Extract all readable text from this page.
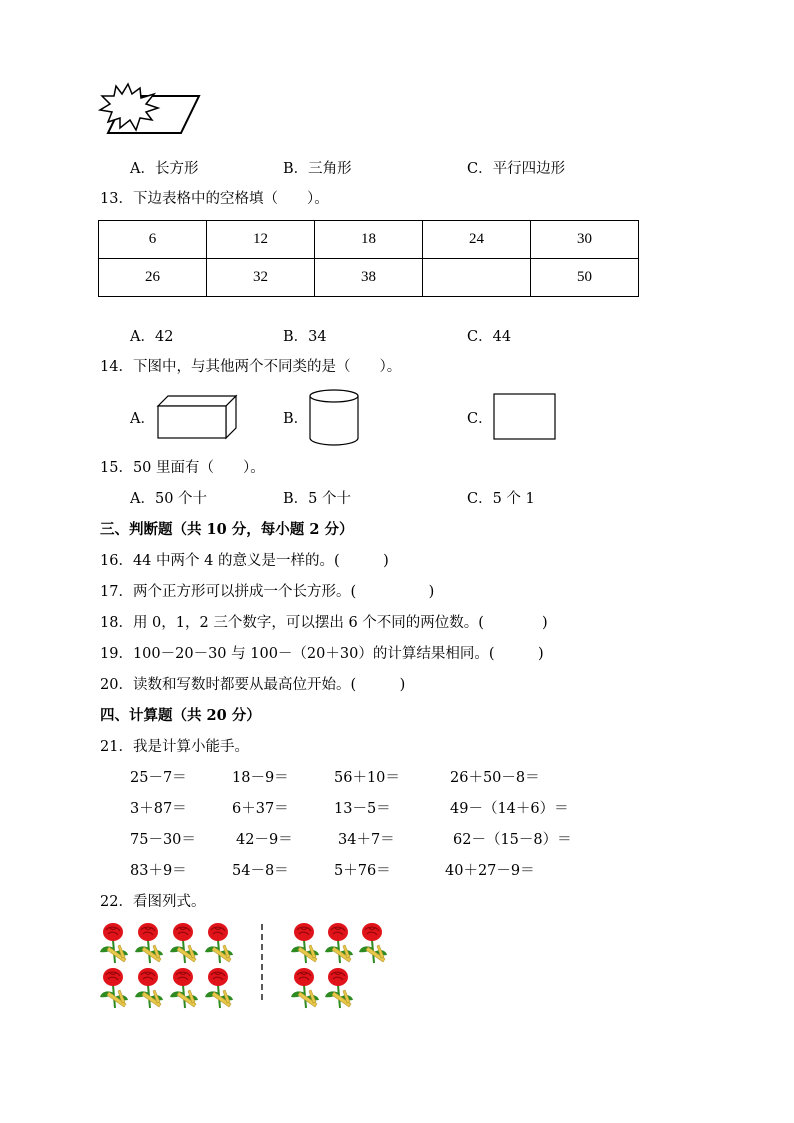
A．长方形	B．三角形	C．平行四边形
13．下边表格中的空格填（　　）。
6	12	18	24	30
26	32	38		50
A．42	B．34	C．44
14．下图中，与其他两个不同类的是（　　）。
A．	B．	C．
15．50 里面有（　　）。
A．50 个十	B．5 个十	C．5 个 1
三、判断题（共 10 分，每小题 2 分）
16．44 中两个 4 的意义是一样的。(　　　)
17．两个正方形可以拼成一个长方形。(　　　　　)
18．用 0，1，2 三个数字，可以摆出 6 个不同的两位数。(　　　　)
19．100－20－30 与 100－（20＋30）的计算结果相同。(　　　)
20．读数和写数时都要从最高位开始。(　　　)
四、计算题（共 20 分）
21．我是计算小能手。
25－7＝	18－9＝	56＋10＝	26＋50－8＝
3＋87＝	6＋37＝	13－5＝	49－（14＋6）＝
75－30＝	42－9＝	34＋7＝	62－（15－8）＝
83＋9＝	54－8＝	5＋76＝	40＋27－9＝
22．看图列式。
